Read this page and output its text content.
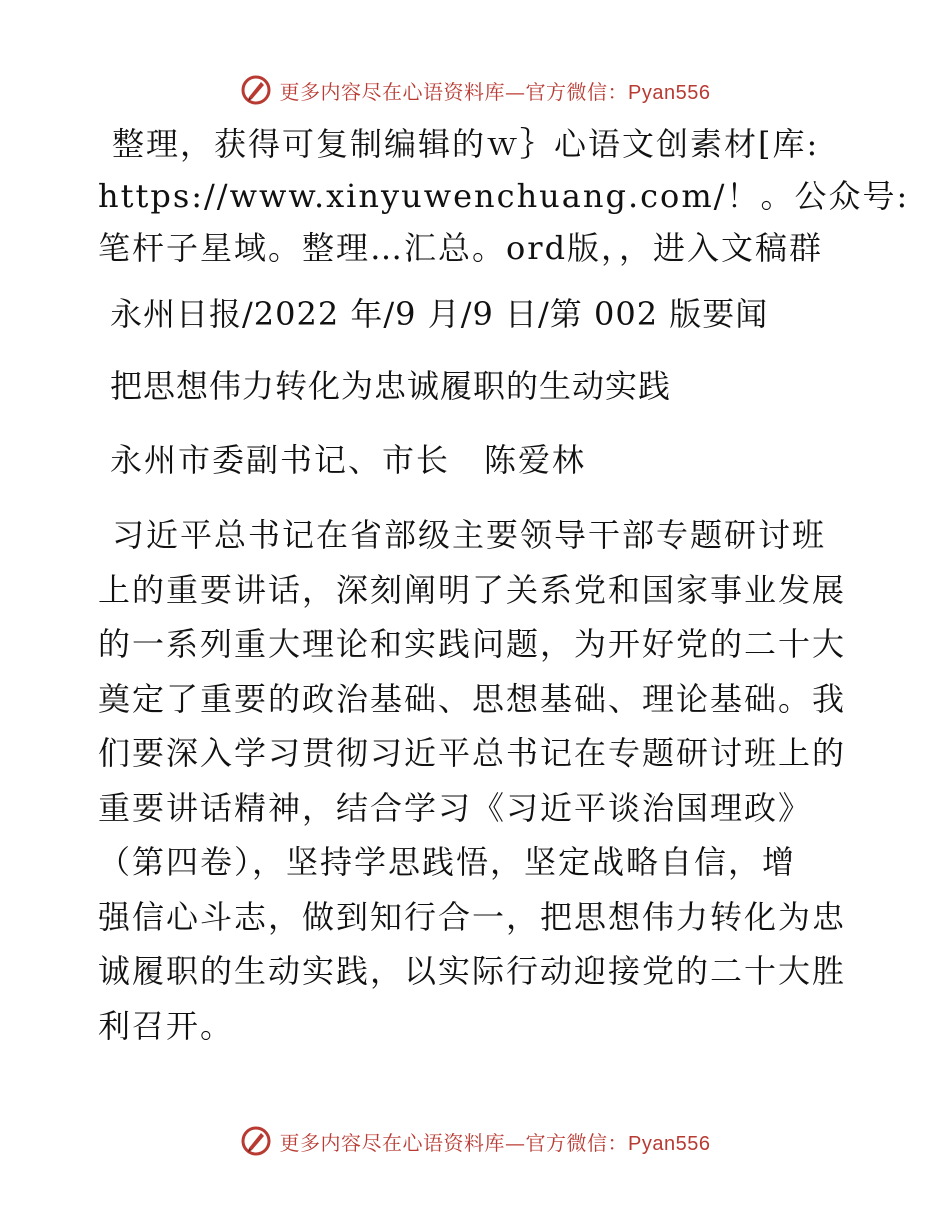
更多内容尽在心语资料库—官方微信：Pyan556
整理，获得可复制编辑的ｗ｝心语文创素材[库:
https://www.xinyuwenchuang.com/！。公众号:
笔杆子星域。整理…汇总。ord版，，进入文稿群
永州日报/2022 年/9 月/9 日/第 002 版要闻
把思想伟力转化为忠诚履职的生动实践
永州市委副书记、市长　陈爱林
习近平总书记在省部级主要领导干部专题研讨班
上的重要讲话，深刻阐明了关系党和国家事业发展
的一系列重大理论和实践问题，为开好党的二十大
奠定了重要的政治基础、思想基础、理论基础。我
们要深入学习贯彻习近平总书记在专题研讨班上的
重要讲话精神，结合学习《习近平谈治国理政》
（第四卷），坚持学思践悟，坚定战略自信，增
强信心斗志，做到知行合一，把思想伟力转化为忠
诚履职的生动实践，以实际行动迎接党的二十大胜
利召开。
更多内容尽在心语资料库—官方微信：Pyan556
